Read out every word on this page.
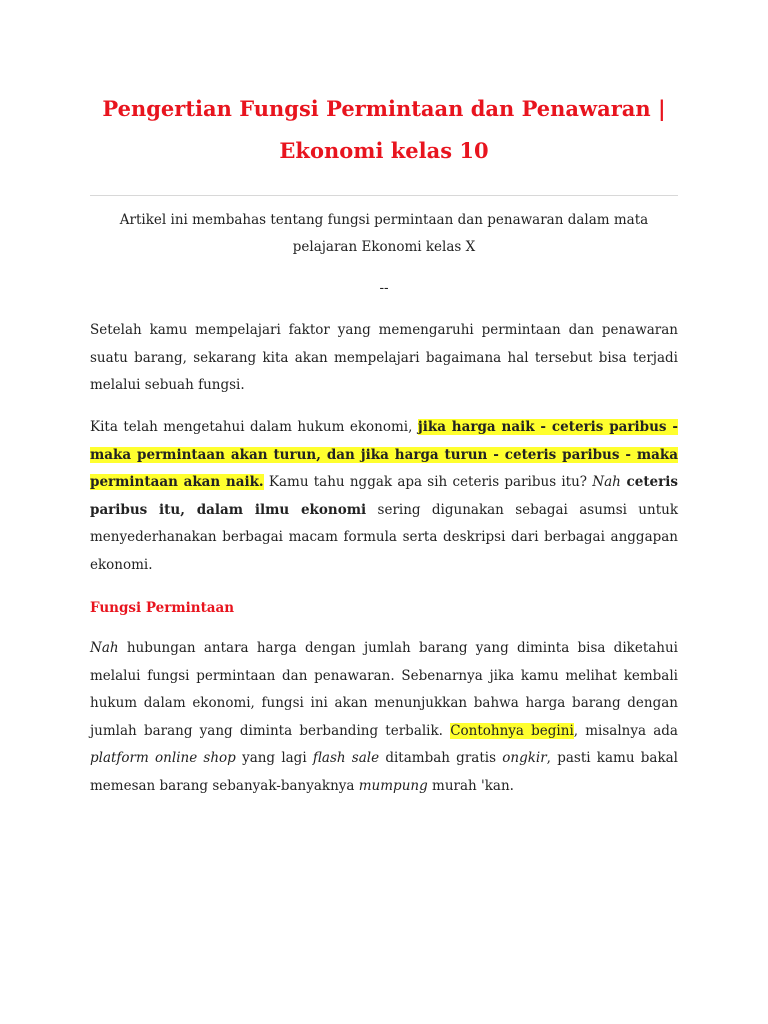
Pengertian Fungsi Permintaan dan Penawaran |
Ekonomi kelas 10
Artikel ini membahas tentang fungsi permintaan dan penawaran dalam mata
pelajaran Ekonomi kelas X
--

Setelah kamu mempelajari faktor yang memengaruhi permintaan dan penawaran suatu barang, sekarang kita akan mempelajari bagaimana hal tersebut bisa terjadi melalui sebuah fungsi.

Kita telah mengetahui dalam hukum ekonomi, jika harga naik - ceteris paribus - maka permintaan akan turun, dan jika harga turun - ceteris paribus - maka permintaan akan naik. Kamu tahu nggak apa sih ceteris paribus itu? Nah ceteris paribus itu, dalam ilmu ekonomi sering digunakan sebagai asumsi untuk menyederhanakan berbagai macam formula serta deskripsi dari berbagai anggapan ekonomi.

Fungsi Permintaan

Nah hubungan antara harga dengan jumlah barang yang diminta bisa diketahui melalui fungsi permintaan dan penawaran. Sebenarnya jika kamu melihat kembali hukum dalam ekonomi, fungsi ini akan menunjukkan bahwa harga barang dengan jumlah barang yang diminta berbanding terbalik. Contohnya begini, misalnya ada platform online shop yang lagi flash sale ditambah gratis ongkir, pasti kamu bakal memesan barang sebanyak-banyaknya mumpung murah 'kan.
